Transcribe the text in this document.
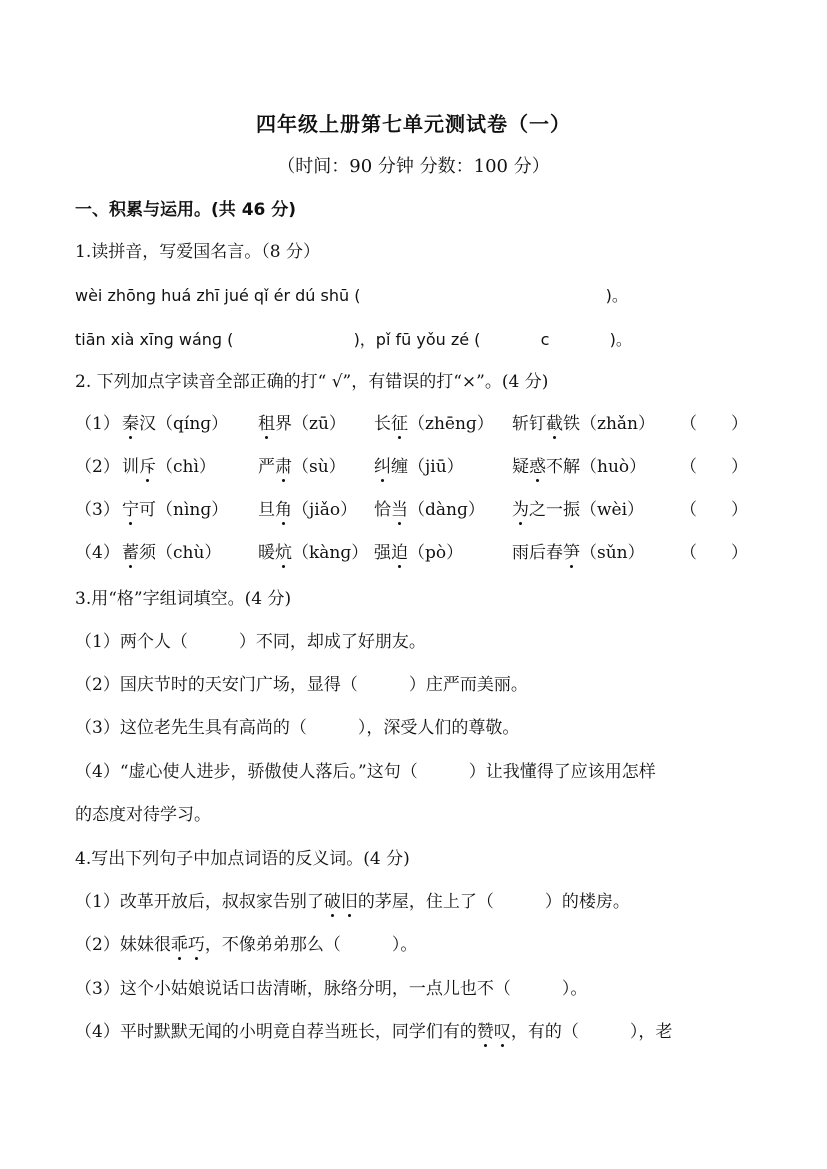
四年级上册第七单元测试卷（一）
（时间：90 分钟 分数：100 分）
一、积累与运用。(共 46 分)
1.读拼音，写爱国名言。（8 分）
wèi zhōnɡ huá zhī jué qǐ ér dú shū (	)。
tiān xià xīnɡ wánɡ (	)，pǐ fū yǒu zé (	c	)。
2. 下列加点字读音全部正确的打“ √”，有错误的打“×”。(4 分)
（1） 秦汉（qínɡ） 租界（zū） 长征（zhēnɡ） 斩钉截铁（zhǎn） （　　）
（2） 训斥（chì） 严肃（sù） 纠缠（jiū）	疑惑不解（huò） （　　）
（3） 宁可（nìnɡ） 旦角（jiǎo） 恰当（dànɡ） 为之一振（wèi） （　　）
（4） 蓄须（chù） 暖炕（kànɡ） 强迫（pò）	雨后春笋（sǔn） （　　）
3.用“格”字组词填空。(4 分)
（1）两个人（　　　）不同，却成了好朋友。
（2）国庆节时的天安门广场，显得（　　　）庄严而美丽。
（3）这位老先生具有高尚的（　　　），深受人们的尊敬。
（4）“虚心使人进步，骄傲使人落后。”这句（　　　）让我懂得了应该用怎样
的态度对待学习。
4.写出下列句子中加点词语的反义词。(4 分)
（1）改革开放后，叔叔家告别了破旧的茅屋，住上了（　　　）的楼房。
（2）妹妹很乖巧，不像弟弟那么（　　　）。
（3）这个小姑娘说话口齿清晰，脉络分明，一点儿也不（　　　）。
（4）平时默默无闻的小明竟自荐当班长，同学们有的赞叹，有的（　　　），老
